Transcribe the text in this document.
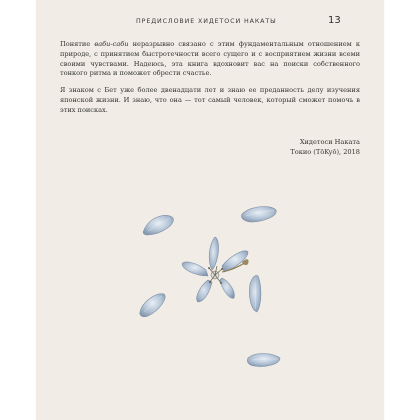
ПРЕДИСЛОВИЕ ХИДЕТОСИ НАКАТЫ	13

Понятие ваби-саби неразрывно связано с этим фундаментальным отношением к природе, с принятием быстротечности всего сущего и с восприятием жизни всеми своими чувствами. Надеюсь, эта книга вдохновит вас на поиски собственного тонкого ритма и поможет обрести счастье.

Я знаком с Бет уже более двенадцати лет и знаю ее преданность делу изучения японской жизни. И знаю, что она — тот самый человек, который сможет помочь в этих поисках.

Хидетоси Наката
Токио (TōKyō), 2018
